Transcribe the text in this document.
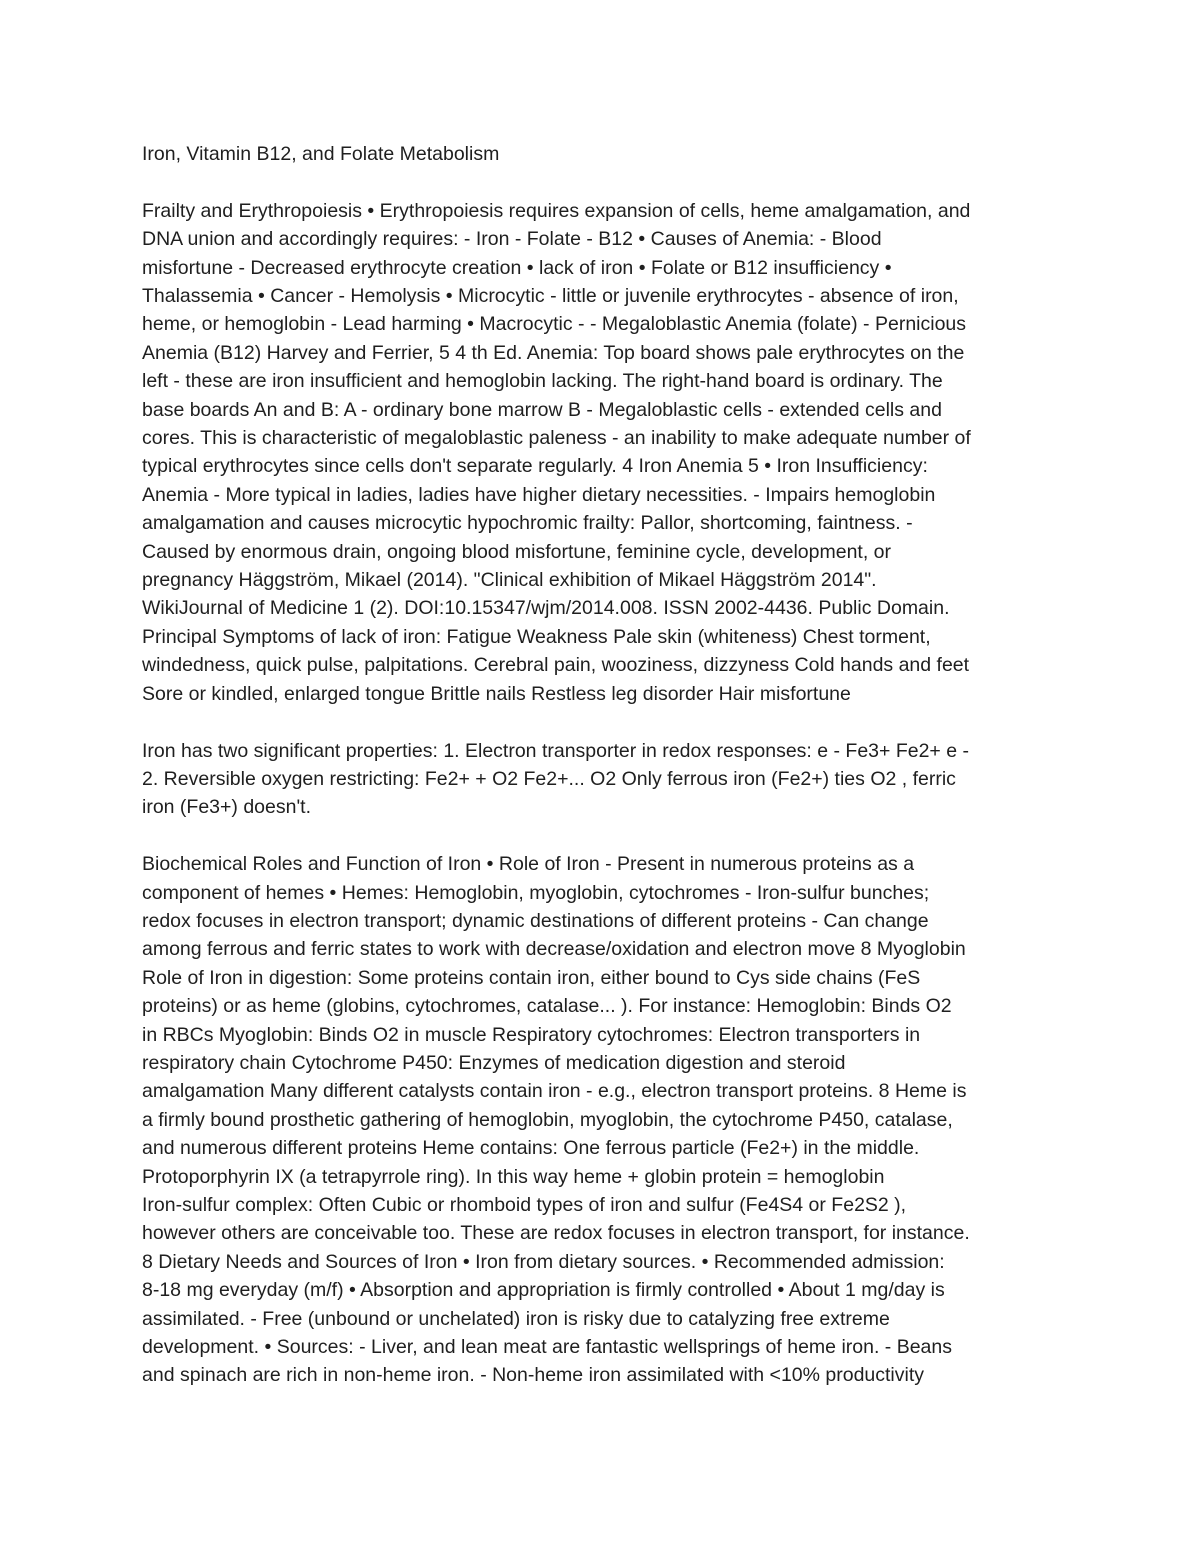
Iron, Vitamin B12, and Folate Metabolism
Frailty and Erythropoiesis • Erythropoiesis requires expansion of cells, heme amalgamation, and
DNA union and accordingly requires: - Iron - Folate - B12 • Causes of Anemia: - Blood
misfortune - Decreased erythrocyte creation • lack of iron • Folate or B12 insufficiency •
Thalassemia • Cancer - Hemolysis • Microcytic - little or juvenile erythrocytes - absence of iron,
heme, or hemoglobin - Lead harming • Macrocytic - - Megaloblastic Anemia (folate) - Pernicious
Anemia (B12) Harvey and Ferrier, 5 4 th Ed. Anemia: Top board shows pale erythrocytes on the
left - these are iron insufficient and hemoglobin lacking. The right-hand board is ordinary. The
base boards An and B: A - ordinary bone marrow B - Megaloblastic cells - extended cells and
cores. This is characteristic of megaloblastic paleness - an inability to make adequate number of
typical erythrocytes since cells don't separate regularly. 4 Iron Anemia 5 • Iron Insufficiency:
Anemia - More typical in ladies, ladies have higher dietary necessities. - Impairs hemoglobin
amalgamation and causes microcytic hypochromic frailty: Pallor, shortcoming, faintness. -
Caused by enormous drain, ongoing blood misfortune, feminine cycle, development, or
pregnancy Häggström, Mikael (2014). "Clinical exhibition of Mikael Häggström 2014".
WikiJournal of Medicine 1 (2). DOI:10.15347/wjm/2014.008. ISSN 2002-4436. Public Domain.
Principal Symptoms of lack of iron: Fatigue Weakness Pale skin (whiteness) Chest torment,
windedness, quick pulse, palpitations. Cerebral pain, wooziness, dizzyness Cold hands and feet
Sore or kindled, enlarged tongue Brittle nails Restless leg disorder Hair misfortune
Iron has two significant properties: 1. Electron transporter in redox responses: e - Fe3+ Fe2+ e -
2. Reversible oxygen restricting: Fe2+ + O2 Fe2+... O2 Only ferrous iron (Fe2+) ties O2 , ferric
iron (Fe3+) doesn't.
Biochemical Roles and Function of Iron • Role of Iron - Present in numerous proteins as a
component of hemes • Hemes: Hemoglobin, myoglobin, cytochromes - Iron-sulfur bunches;
redox focuses in electron transport; dynamic destinations of different proteins - Can change
among ferrous and ferric states to work with decrease/oxidation and electron move 8 Myoglobin
Role of Iron in digestion: Some proteins contain iron, either bound to Cys side chains (FeS
proteins) or as heme (globins, cytochromes, catalase... ). For instance: Hemoglobin: Binds O2
in RBCs Myoglobin: Binds O2 in muscle Respiratory cytochromes: Electron transporters in
respiratory chain Cytochrome P450: Enzymes of medication digestion and steroid
amalgamation Many different catalysts contain iron - e.g., electron transport proteins. 8 Heme is
a firmly bound prosthetic gathering of hemoglobin, myoglobin, the cytochrome P450, catalase,
and numerous different proteins Heme contains: One ferrous particle (Fe2+) in the middle.
Protoporphyrin IX (a tetrapyrrole ring). In this way heme + globin protein = hemoglobin
Iron-sulfur complex: Often Cubic or rhomboid types of iron and sulfur (Fe4S4 or Fe2S2 ),
however others are conceivable too. These are redox focuses in electron transport, for instance.
8 Dietary Needs and Sources of Iron • Iron from dietary sources. • Recommended admission:
8-18 mg everyday (m/f) • Absorption and appropriation is firmly controlled • About 1 mg/day is
assimilated. - Free (unbound or unchelated) iron is risky due to catalyzing free extreme
development. • Sources: - Liver, and lean meat are fantastic wellsprings of heme iron. - Beans
and spinach are rich in non-heme iron. - Non-heme iron assimilated with <10% productivity
